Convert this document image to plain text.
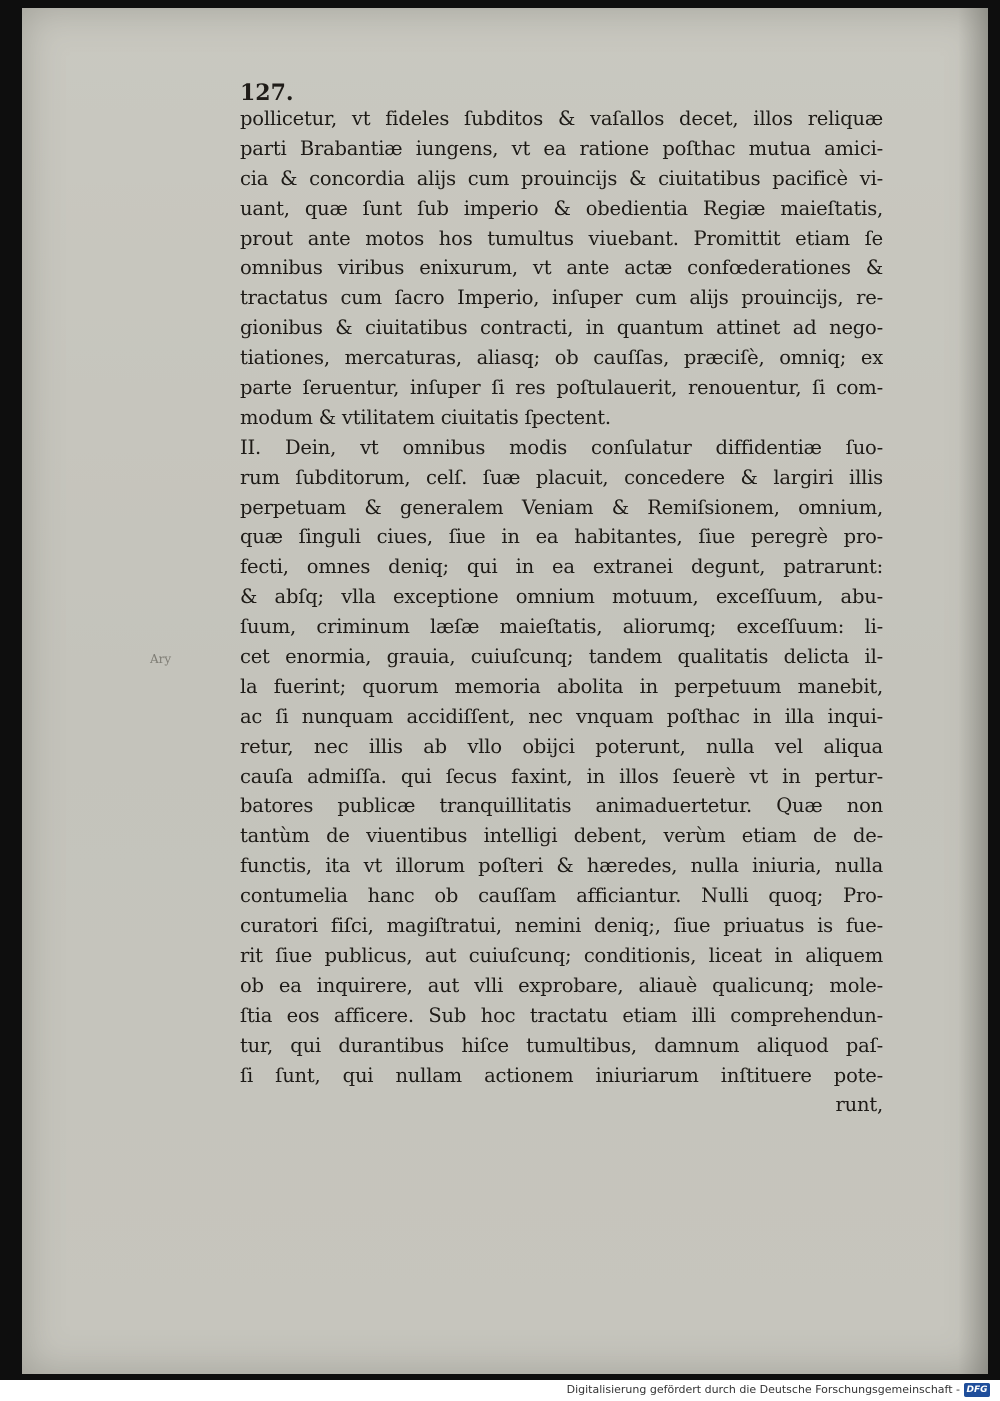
127.

Ary

pollicetur, vt fideles ſubditos & vaſallos decet, illos reliquæ
parti Brabantiæ iungens, vt ea ratione poſthac mutua amici-
cia & concordia alijs cum prouincijs & ciuitatibus pacificè vi-
uant, quæ ſunt ſub imperio & obedientia Regiæ maieſtatis,
prout ante motos hos tumultus viuebant. Promittit etiam ſe
omnibus viribus enixurum, vt ante actæ confœderationes &
tractatus cum ſacro Imperio, inſuper cum alijs prouincijs, re-
gionibus & ciuitatibus contracti, in quantum attinet ad nego-
tiationes, mercaturas, aliasq; ob cauſſas, præciſè, omniq; ex
parte ſeruentur, inſuper ſi res poſtulauerit, renouentur, ſi com-
modum & vtilitatem ciuitatis ſpectent.
II. Dein, vt omnibus modis conſulatur diffidentiæ ſuo-
rum ſubditorum, celſ. ſuæ placuit, concedere & largiri illis
perpetuam & generalem Veniam & Remiſsionem, omnium,
quæ ſinguli ciues, ſiue in ea habitantes, ſiue peregrè pro-
fecti, omnes deniq; qui in ea extranei degunt, patrarunt:
& abſq; vlla exceptione omnium motuum, exceſſuum, abu-
ſuum, criminum læſæ maieſtatis, aliorumq; exceſſuum: li-
cet enormia, grauia, cuiuſcunq; tandem qualitatis delicta il-
la fuerint; quorum memoria abolita in perpetuum manebit,
ac ſi nunquam accidiſſent, nec vnquam poſthac in illa inqui-
retur, nec illis ab vllo obijci poterunt, nulla vel aliqua
cauſa admiſſa. qui ſecus faxint, in illos ſeuerè vt in pertur-
batores publicæ tranquillitatis animaduertetur. Quæ non
tantùm de viuentibus intelligi debent, verùm etiam de de-
functis, ita vt illorum poſteri & hæredes, nulla iniuria, nulla
contumelia hanc ob cauſſam afficiantur. Nulli quoq; Pro-
curatori fiſci, magiſtratui, nemini deniq;, ſiue priuatus is fue-
rit ſiue publicus, aut cuiuſcunq; conditionis, liceat in aliquem
ob ea inquirere, aut vlli exprobare, aliauè qualicunq; mole-
ſtia eos afficere. Sub hoc tractatu etiam illi comprehendun-
tur, qui durantibus hiſce tumultibus, damnum aliquod paſ-
ſi ſunt, qui nullam actionem iniuriarum inſtituere pote-
runt,

Digitalisierung gefördert durch die Deutsche Forschungsgemeinschaft - DFG
